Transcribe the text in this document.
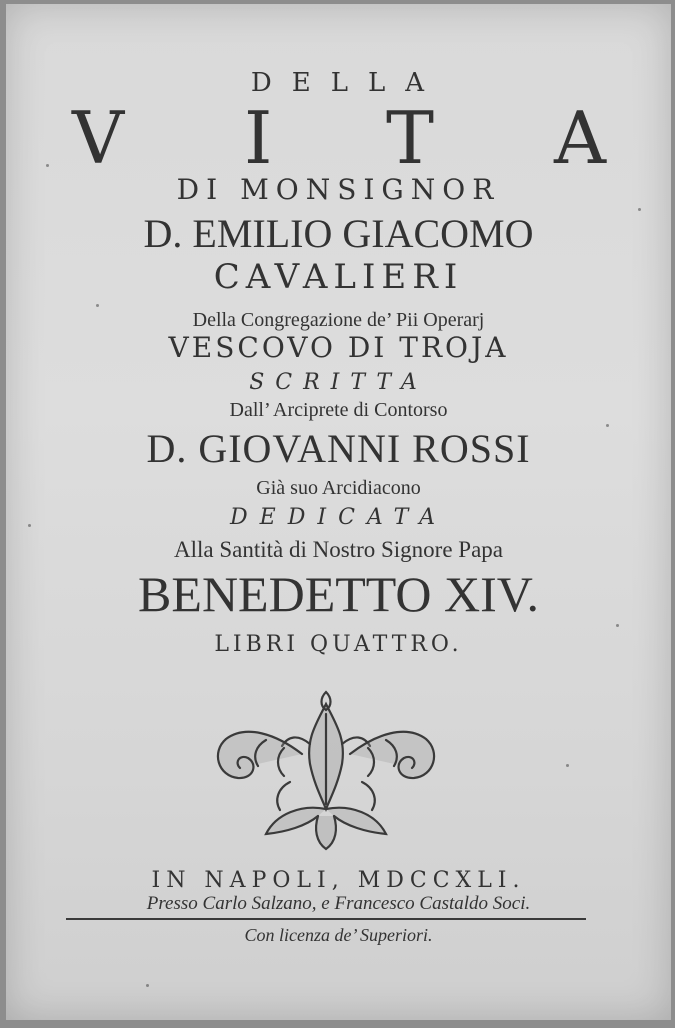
DELLA
V I T A
DI MONSIGNOR
D. EMILIO GIACOMO
CAVALIERI
Della Congregazione de’ Pii Operarj
VESCOVO DI TROJA
SCRITTA
Dall’ Arciprete di Contorso
D. GIOVANNI ROSSI
Già suo Arcidiacono
DEDICATA
Alla Santità di Nostro Signore Papa
BENEDETTO XIV.
LIBRI QUATTRO.
IN NAPOLI, MDCCXLI.
Presso Carlo Salzano, e Francesco Castaldo Soci.
Con licenza de’ Superiori.
